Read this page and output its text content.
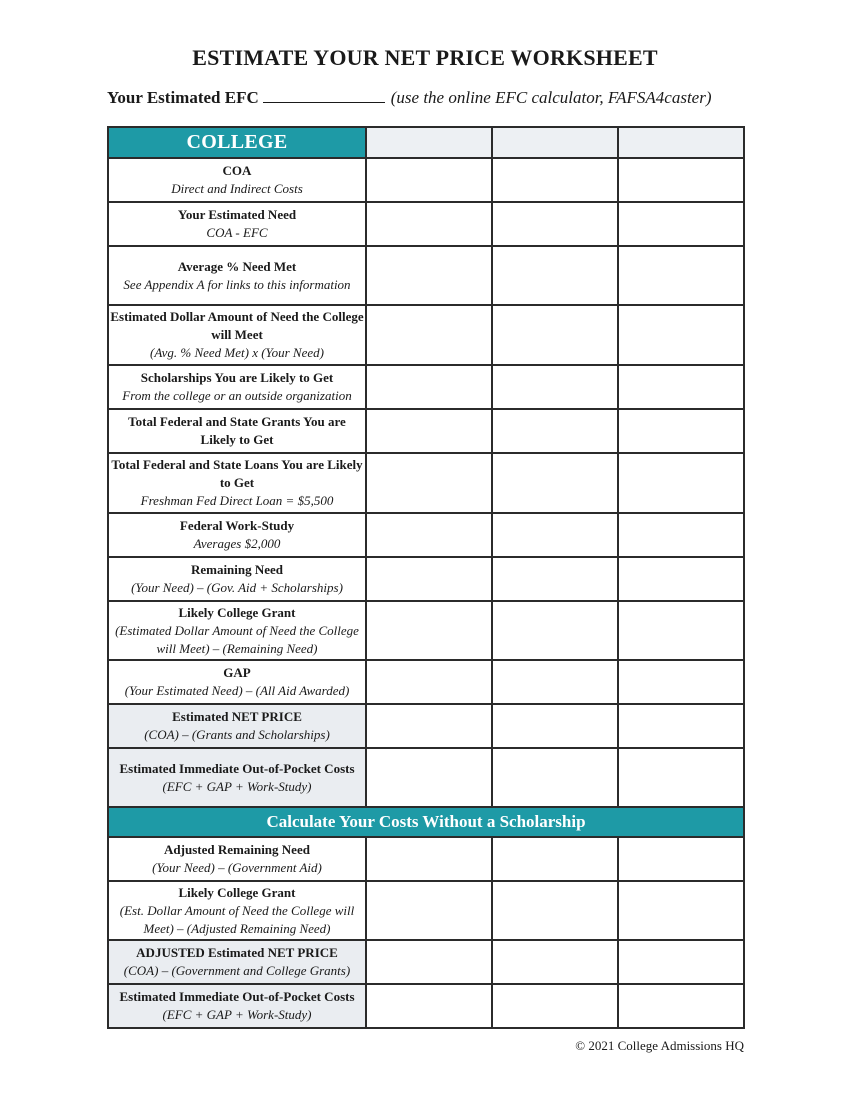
ESTIMATE YOUR NET PRICE WORKSHEET
Your Estimated EFC	(use the online EFC calculator, FAFSA4caster)
COLLEGE			

COA
Direct and Indirect Costs			

Your Estimated Need
COA - EFC			

Average % Need Met
See Appendix A for links to this information			

Estimated Dollar Amount of Need the College will Meet
(Avg. % Need Met) x (Your Need)			

Scholarships You are Likely to Get
From the college or an outside organization			

Total Federal and State Grants You are Likely to Get			

Total Federal and State Loans You are Likely to Get
Freshman Fed Direct Loan = $5,500			

Federal Work-Study
Averages $2,000			

Remaining Need
(Your Need) – (Gov. Aid + Scholarships)			

Likely College Grant
(Estimated Dollar Amount of Need the College will Meet) – (Remaining Need)			

GAP
(Your Estimated Need) – (All Aid Awarded)			

Estimated NET PRICE
(COA) – (Grants and Scholarships)			

Estimated Immediate Out-of-Pocket Costs
(EFC + GAP + Work-Study)			

Calculate Your Costs Without a Scholarship			

Adjusted Remaining Need
(Your Need) – (Government Aid)			

Likely College Grant
(Est. Dollar Amount of Need the College will Meet) – (Adjusted Remaining Need)			

ADJUSTED Estimated NET PRICE
(COA) – (Government and College Grants)			

Estimated Immediate Out-of-Pocket Costs
(EFC + GAP + Work-Study)			

© 2021 College Admissions HQ
